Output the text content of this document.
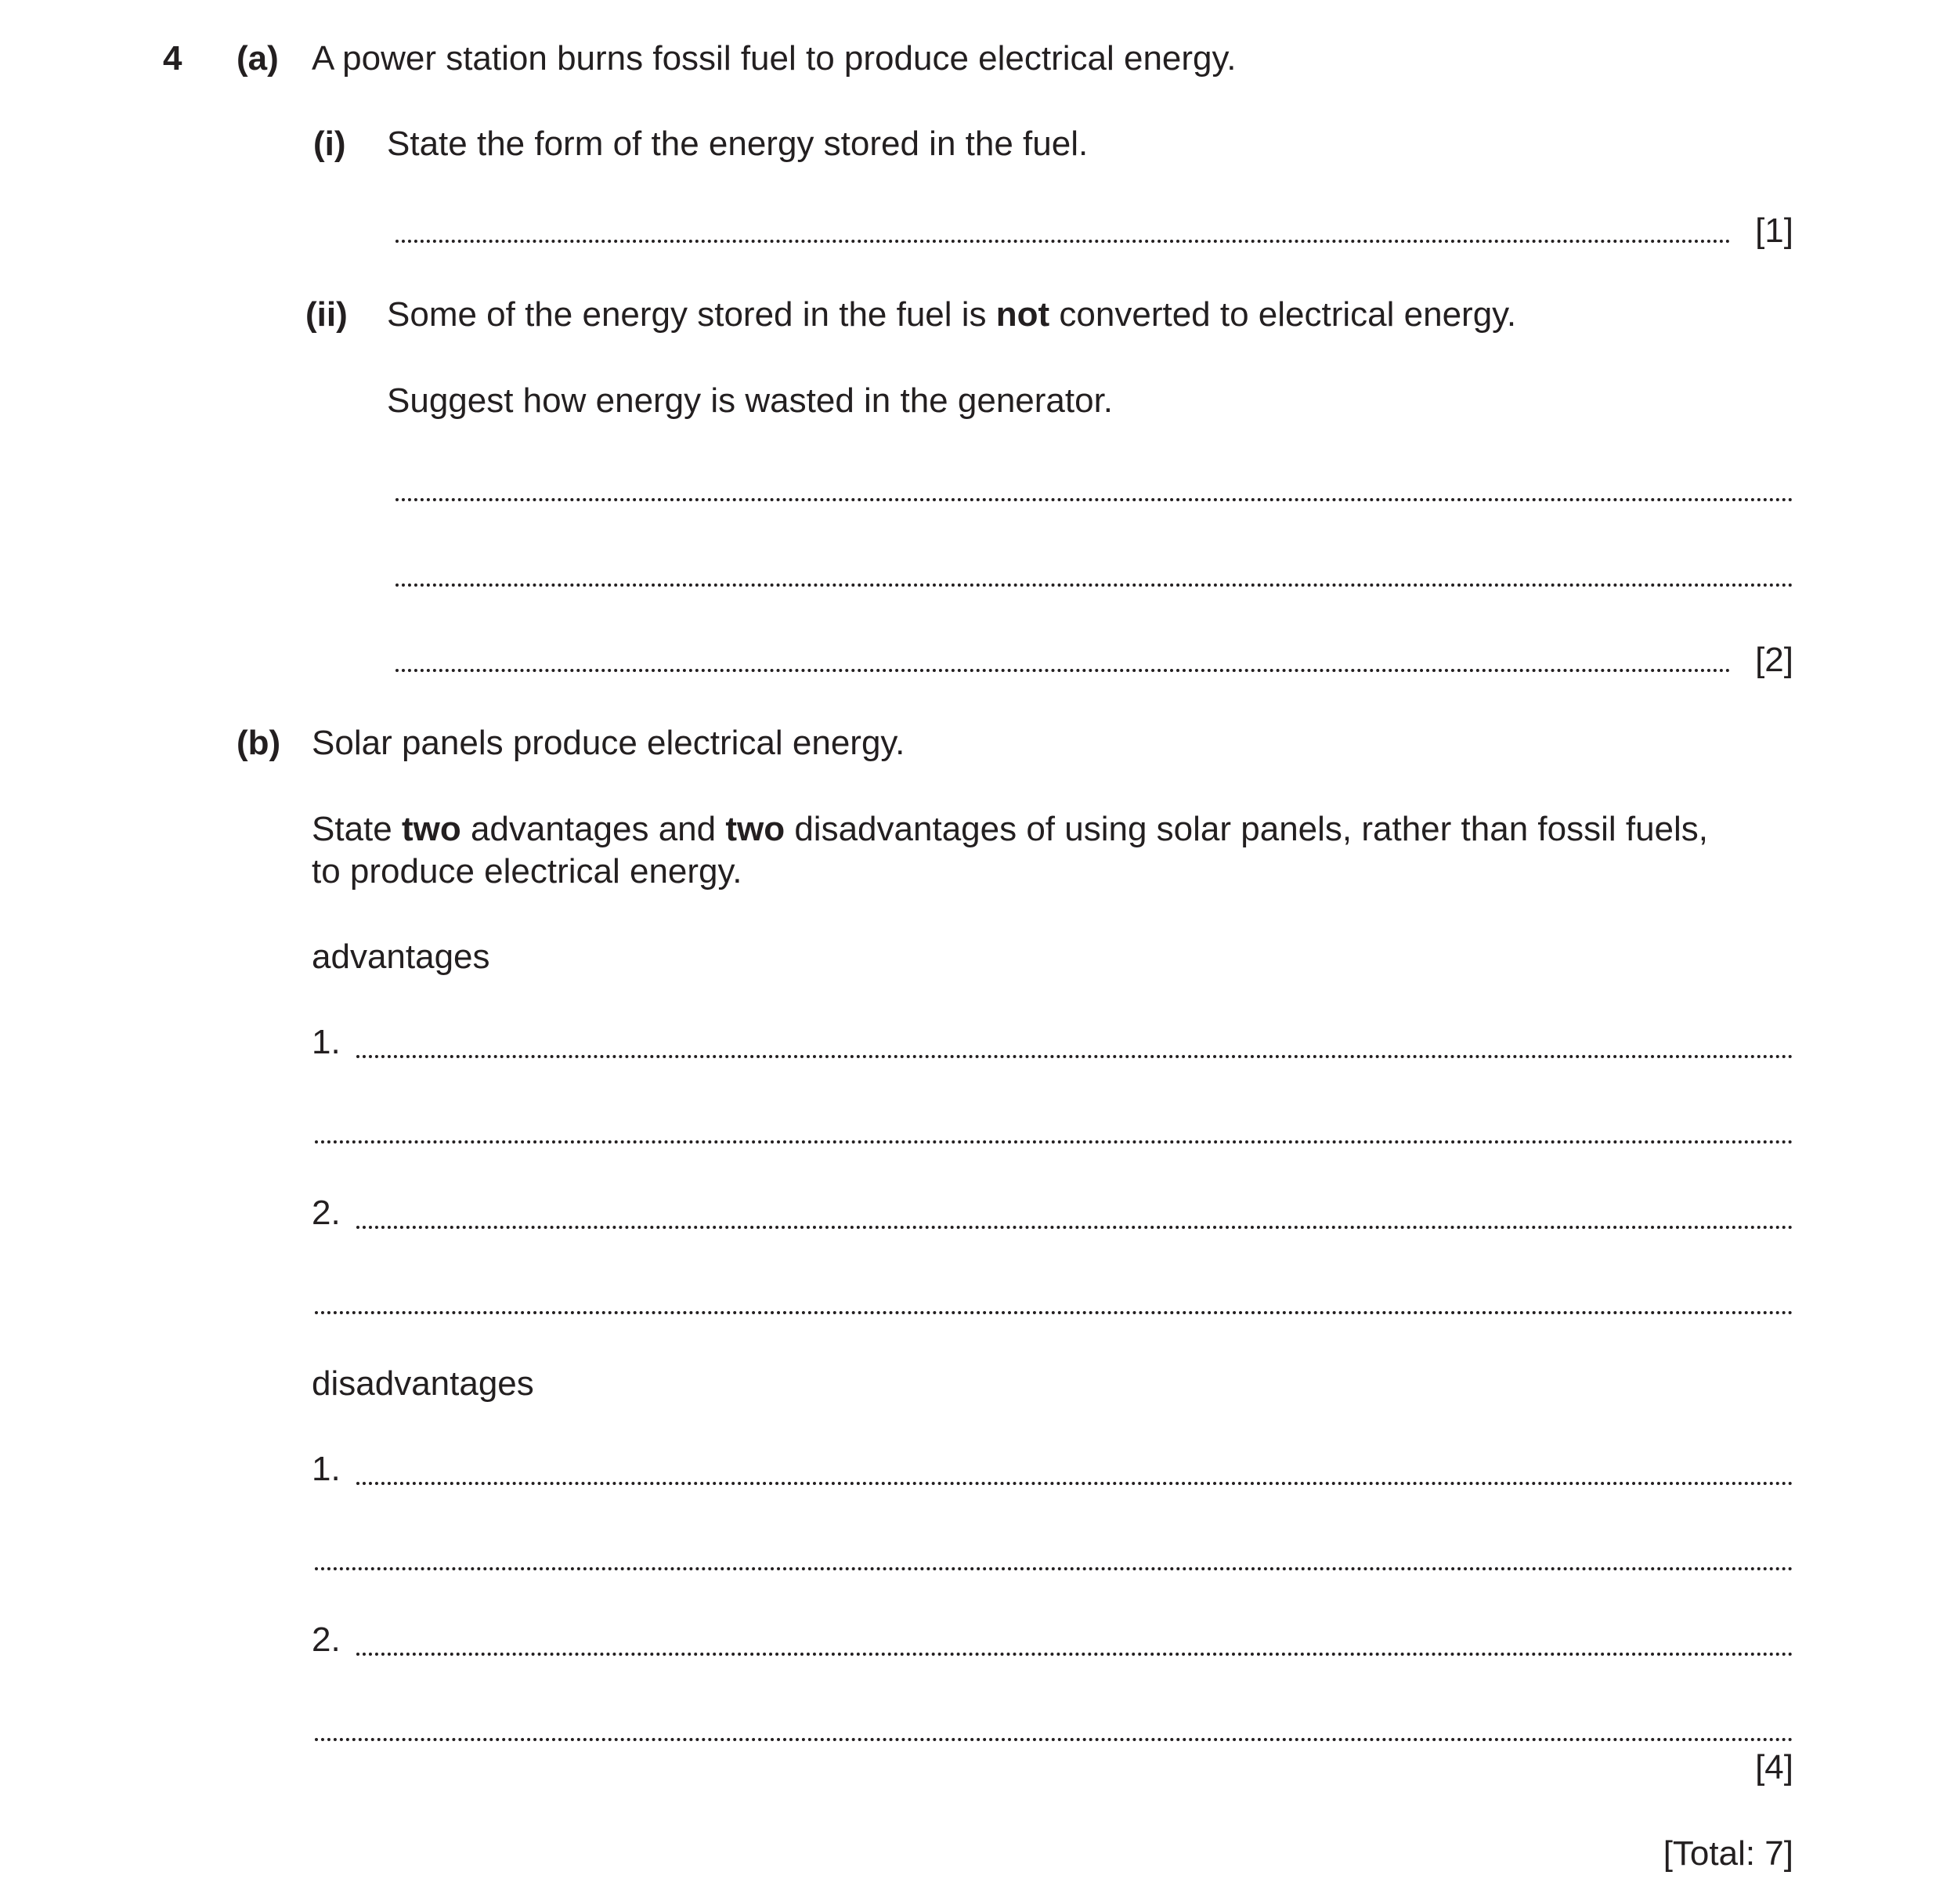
4 (a) A power station burns fossil fuel to produce electrical energy.
(i) State the form of the energy stored in the fuel.
[1]
(ii) Some of the energy stored in the fuel is not converted to electrical energy.
Suggest how energy is wasted in the generator.
[2]
(b) Solar panels produce electrical energy.
State two advantages and two disadvantages of using solar panels, rather than fossil fuels,
to produce electrical energy.
advantages
1.
2.
disadvantages
1.
2.
[4]
[Total: 7]
